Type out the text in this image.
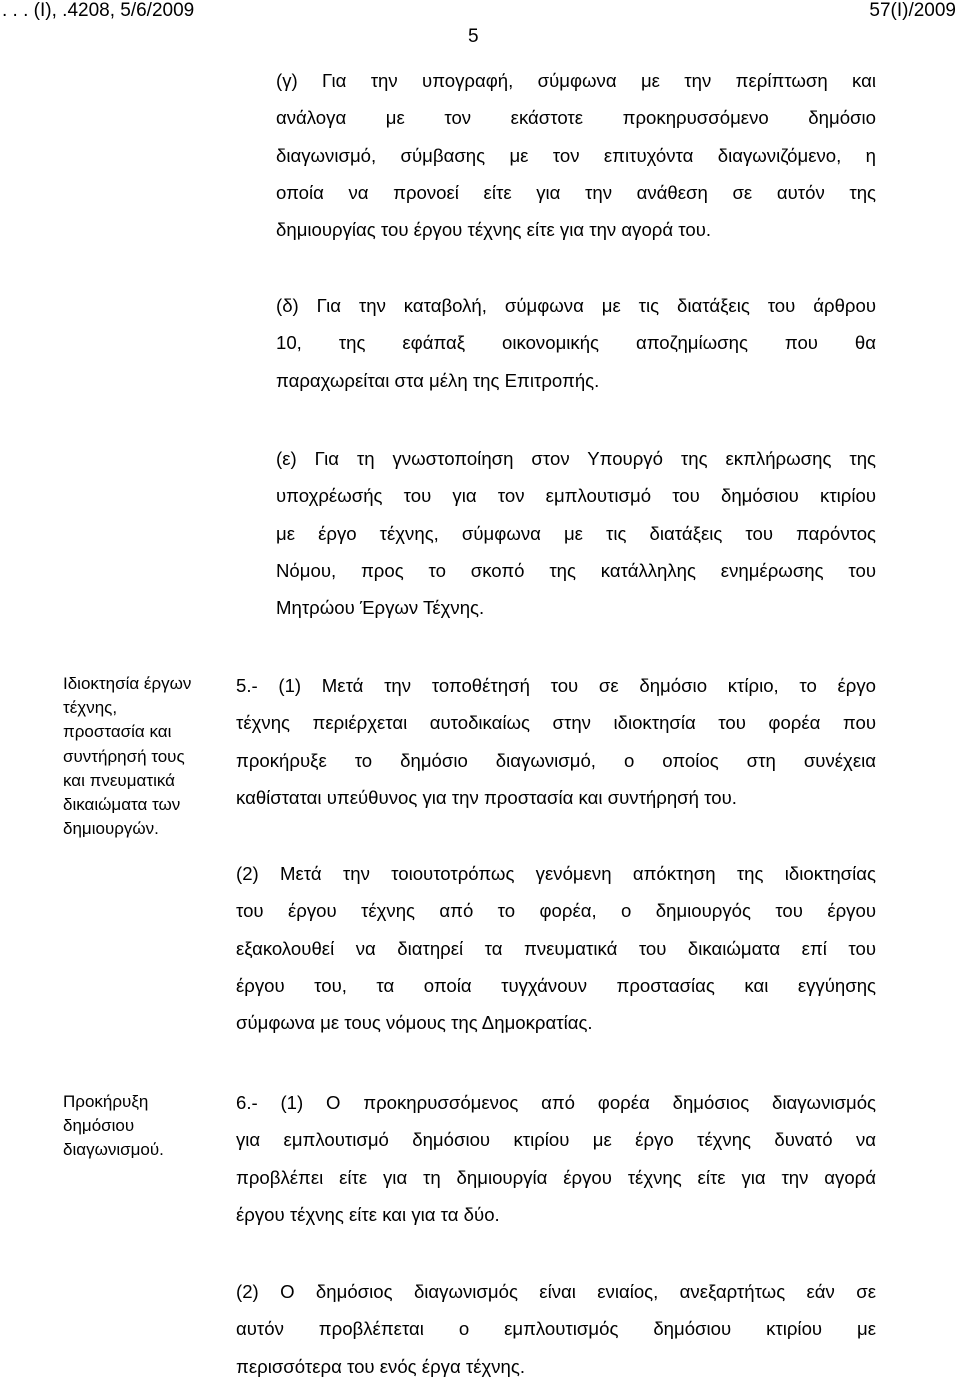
. . . (Ι), .4208, 5/6/2009	57(I)/2009
5
(γ) Για την υπογραφή, σύμφωνα με την περίπτωση και
ανάλογα με τον εκάστοτε προκηρυσσόμενο δημόσιο
διαγωνισμό, σύμβασης με τον επιτυχόντα διαγωνιζόμενο, η
οποία να προνοεί είτε για την ανάθεση σε αυτόν της
δημιουργίας του έργου τέχνης είτε για την αγορά του.
(δ) Για την καταβολή, σύμφωνα με τις διατάξεις του άρθρου
10, της εφάπαξ οικονομικής αποζημίωσης που θα
παραχωρείται στα μέλη της Επιτροπής.
(ε) Για τη γνωστοποίηση στον Υπουργό της εκπλήρωσης της
υποχρέωσής του για τον εμπλουτισμό του δημόσιου κτιρίου
με έργο τέχνης, σύμφωνα με τις διατάξεις του παρόντος
Νόμου, προς το σκοπό της κατάλληλης ενημέρωσης του
Μητρώου Έργων Τέχνης.
Ιδιοκτησία έργων
τέχνης,
προστασία και
συντήρησή τους
και πνευματικά
δικαιώματα των
δημιουργών.
5.- (1) Μετά την τοποθέτησή του σε δημόσιο κτίριο, το έργο
τέχνης περιέρχεται αυτοδικαίως στην ιδιοκτησία του φορέα που
προκήρυξε το δημόσιο διαγωνισμό, ο οποίος στη συνέχεια
καθίσταται υπεύθυνος για την προστασία και συντήρησή του.
(2) Μετά την τοιουτοτρόπως γενόμενη απόκτηση της ιδιοκτησίας
του έργου τέχνης από το φορέα, ο δημιουργός του έργου
εξακολουθεί να διατηρεί τα πνευματικά του δικαιώματα επί του
έργου του, τα οποία τυγχάνουν προστασίας και εγγύησης
σύμφωνα με τους νόμους της Δημοκρατίας.
Προκήρυξη
δημόσιου
διαγωνισμού.
6.- (1) Ο προκηρυσσόμενος από φορέα δημόσιος διαγωνισμός
για εμπλουτισμό δημόσιου κτιρίου με έργο τέχνης δυνατό να
προβλέπει είτε για τη δημιουργία έργου τέχνης είτε για την αγορά
έργου τέχνης είτε και για τα δύο.
(2) Ο δημόσιος διαγωνισμός είναι ενιαίος, ανεξαρτήτως εάν σε
αυτόν προβλέπεται ο εμπλουτισμός δημόσιου κτιρίου με
περισσότερα του ενός έργα τέχνης.
